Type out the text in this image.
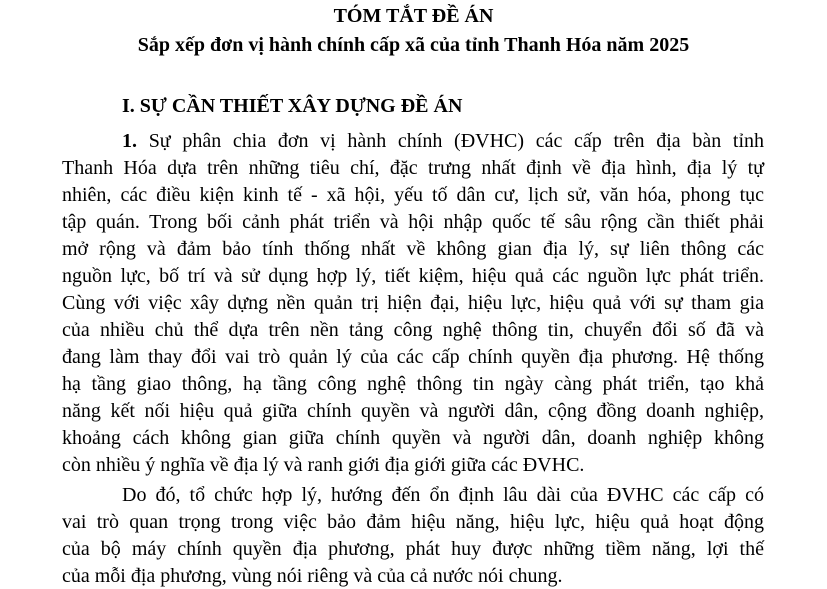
TÓM TẮT ĐỀ ÁN
Sắp xếp đơn vị hành chính cấp xã của tỉnh Thanh Hóa năm 2025
I. SỰ CẦN THIẾT XÂY DỰNG ĐỀ ÁN
1. Sự phân chia đơn vị hành chính (ĐVHC) các cấp trên địa bàn tỉnh
Thanh Hóa dựa trên những tiêu chí, đặc trưng nhất định về địa hình, địa lý tự
nhiên, các điều kiện kinh tế - xã hội, yếu tố dân cư, lịch sử, văn hóa, phong tục
tập quán. Trong bối cảnh phát triển và hội nhập quốc tế sâu rộng cần thiết phải
mở rộng và đảm bảo tính thống nhất về không gian địa lý, sự liên thông các
nguồn lực, bố trí và sử dụng hợp lý, tiết kiệm, hiệu quả các nguồn lực phát triển.
Cùng với việc xây dựng nền quản trị hiện đại, hiệu lực, hiệu quả với sự tham gia
của nhiều chủ thể dựa trên nền tảng công nghệ thông tin, chuyển đổi số đã và
đang làm thay đổi vai trò quản lý của các cấp chính quyền địa phương. Hệ thống
hạ tầng giao thông, hạ tầng công nghệ thông tin ngày càng phát triển, tạo khả
năng kết nối hiệu quả giữa chính quyền và người dân, cộng đồng doanh nghiệp,
khoảng cách không gian giữa chính quyền và người dân, doanh nghiệp không
còn nhiều ý nghĩa về địa lý và ranh giới địa giới giữa các ĐVHC.
Do đó, tổ chức hợp lý, hướng đến ổn định lâu dài của ĐVHC các cấp có
vai trò quan trọng trong việc bảo đảm hiệu năng, hiệu lực, hiệu quả hoạt động
của bộ máy chính quyền địa phương, phát huy được những tiềm năng, lợi thế
của mỗi địa phương, vùng nói riêng và của cả nước nói chung.
